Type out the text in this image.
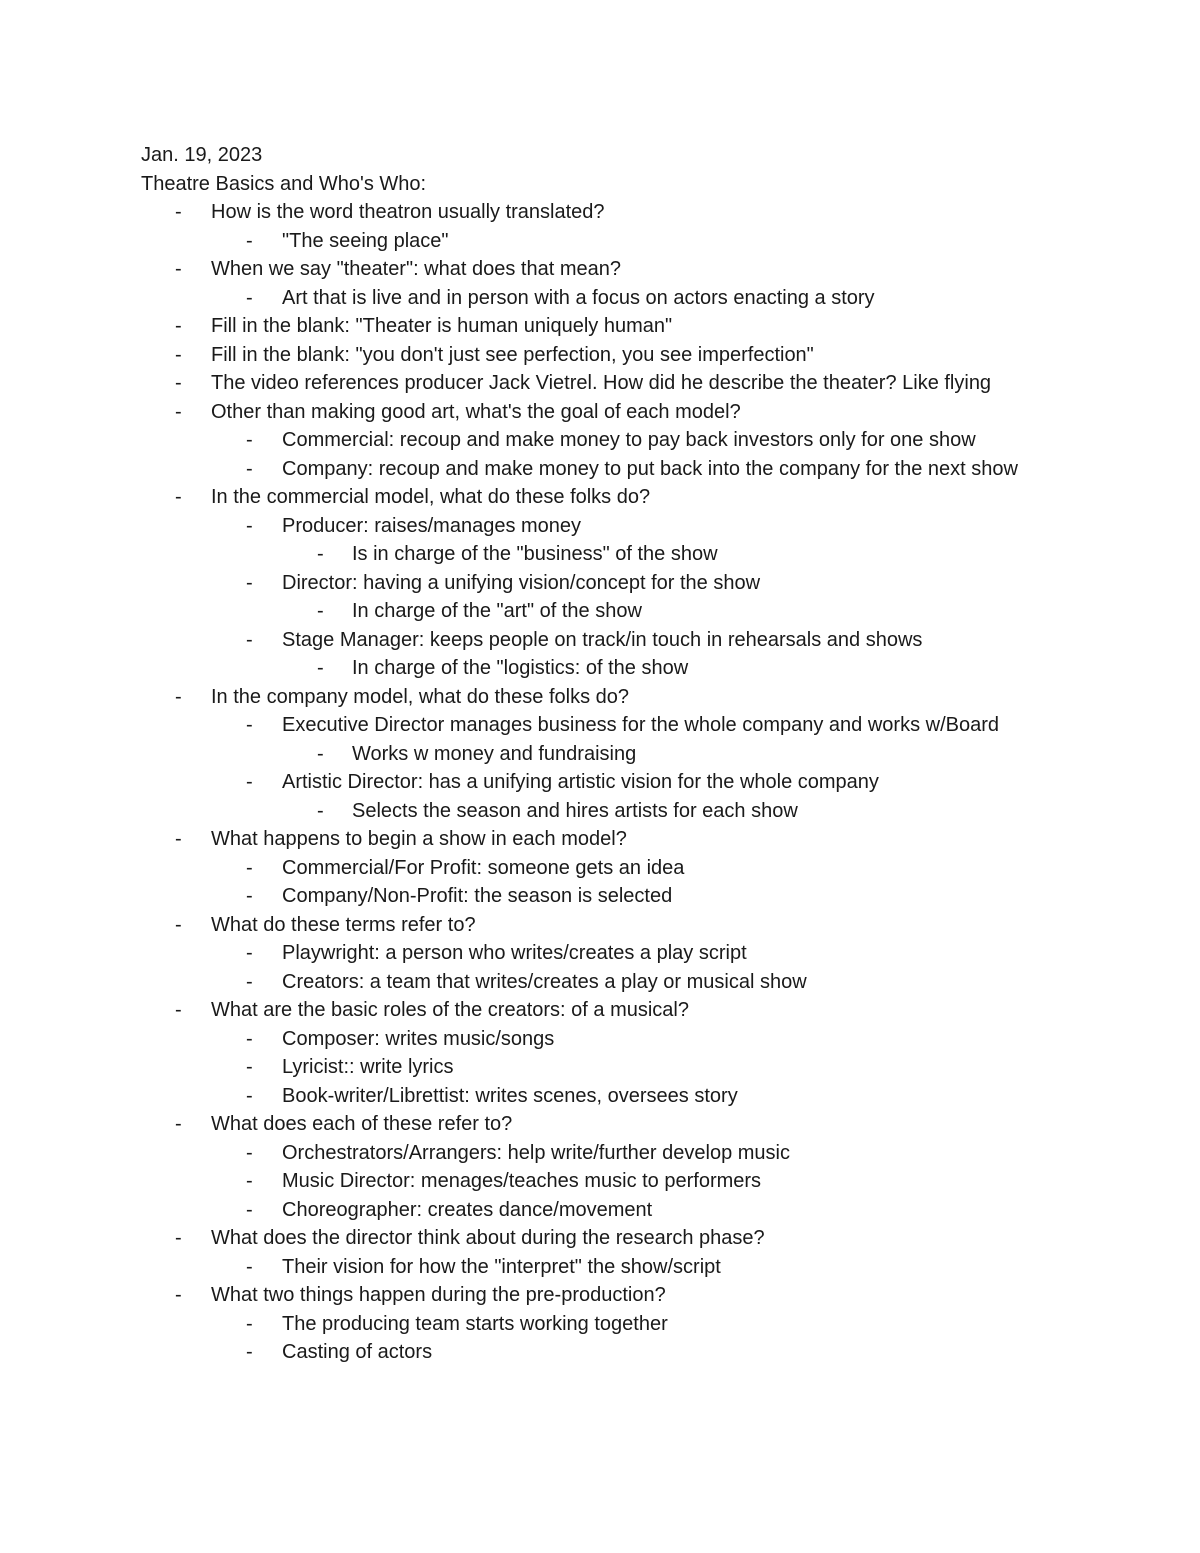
Jan. 19, 2023
Theatre Basics and Who's Who:
- How is the word theatron usually translated?
- "The seeing place"
- When we say "theater": what does that mean?
- Art that is live and in person with a focus on actors enacting a story
- Fill in the blank: "Theater is human uniquely human"
- Fill in the blank: "you don't just see perfection, you see imperfection"
- The video references producer Jack Vietrel. How did he describe the theater? Like flying
- Other than making good art, what's the goal of each model?
- Commercial: recoup and make money to pay back investors only for one show
- Company: recoup and make money to put back into the company for the next show
- In the commercial model, what do these folks do?
- Producer: raises/manages money
- Is in charge of the "business" of the show
- Director: having a unifying vision/concept for the show
- In charge of the "art" of the show
- Stage Manager: keeps people on track/in touch in rehearsals and shows
- In charge of the "logistics: of the show
- In the company model, what do these folks do?
- Executive Director manages business for the whole company and works w/Board
- Works w money and fundraising
- Artistic Director: has a unifying artistic vision for the whole company
- Selects the season and hires artists for each show
- What happens to begin a show in each model?
- Commercial/For Profit: someone gets an idea
- Company/Non-Profit: the season is selected
- What do these terms refer to?
- Playwright: a person who writes/creates a play script
- Creators: a team that writes/creates a play or musical show
- What are the basic roles of the creators: of a musical?
- Composer: writes music/songs
- Lyricist:: write lyrics
- Book-writer/Librettist: writes scenes, oversees story
- What does each of these refer to?
- Orchestrators/Arrangers: help write/further develop music
- Music Director: menages/teaches music to performers
- Choreographer: creates dance/movement
- What does the director think about during the research phase?
- Their vision for how the "interpret" the show/script
- What two things happen during the pre-production?
- The producing team starts working together
- Casting of actors
